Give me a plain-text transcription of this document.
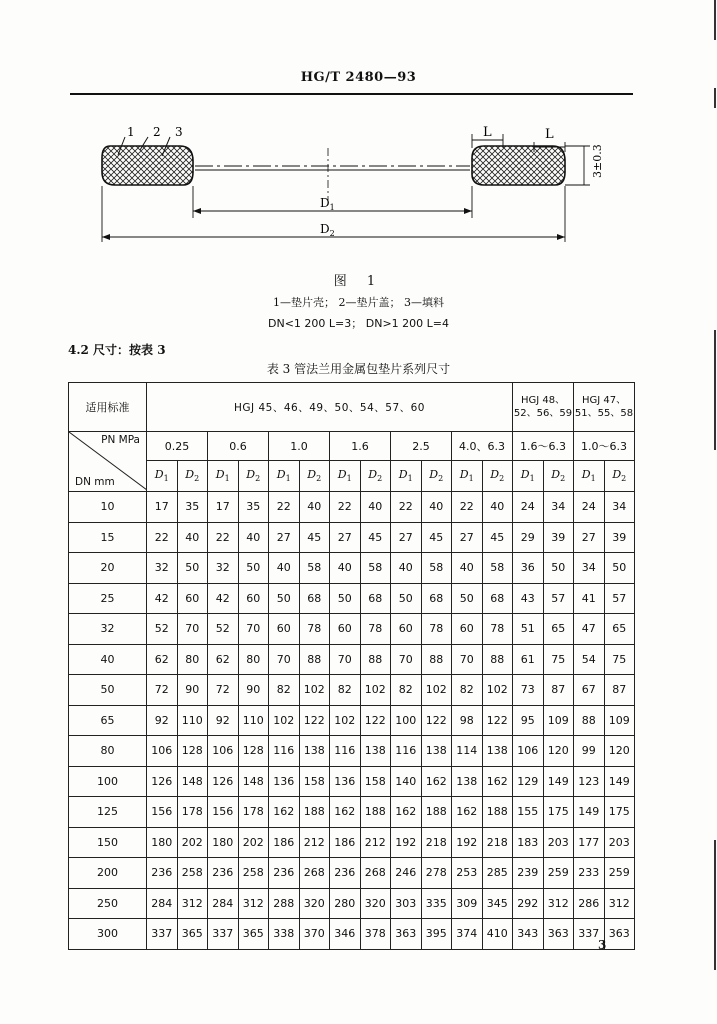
HG/T 2480—93
1 2 3	L	L
3±0.3
$D_1$
$D_2$
图 1
1—垫片壳； 2—垫片盖； 3—填料
DN<1 200 L=3； DN>1 200 L=4
4.2 尺寸：按表 3
表 3 管法兰用金属包垫片系列尺寸
适用标准	HGJ 45、46、49、50、54、57、60												HGJ 48、52、56、59		HGJ 47、51、55、58	

PN MPa
DN mm	0.25		0.6		1.0		1.6		2.5		4.0、6.3		1.6～6.3		1.0～6.3	
	$D_1$	$D_2$	$D_1$	$D_2$	$D_1$	$D_2$	$D_1$	$D_2$	$D_1$	$D_2$	$D_1$	$D_2$	$D_1$	$D_2$	$D_1$	$D_2$
10	17	35	17	35	22	40	22	40	22	40	22	40	24	34	24	34
15	22	40	22	40	27	45	27	45	27	45	27	45	29	39	27	39
20	32	50	32	50	40	58	40	58	40	58	40	58	36	50	34	50
25	42	60	42	60	50	68	50	68	50	68	50	68	43	57	41	57
32	52	70	52	70	60	78	60	78	60	78	60	78	51	65	47	65
40	62	80	62	80	70	88	70	88	70	88	70	88	61	75	54	75
50	72	90	72	90	82	102	82	102	82	102	82	102	73	87	67	87
65	92	110	92	110	102	122	102	122	100	122	98	122	95	109	88	109
80	106	128	106	128	116	138	116	138	116	138	114	138	106	120	99	120
100	126	148	126	148	136	158	136	158	140	162	138	162	129	149	123	149
125	156	178	156	178	162	188	162	188	162	188	162	188	155	175	149	175
150	180	202	180	202	186	212	186	212	192	218	192	218	183	203	177	203
200	236	258	236	258	236	268	236	268	246	278	253	285	239	259	233	259
250	284	312	284	312	288	320	280	320	303	335	309	345	292	312	286	312
300	337	365	337	365	338	370	346	378	363	395	374	410	343	363	337	363
3
